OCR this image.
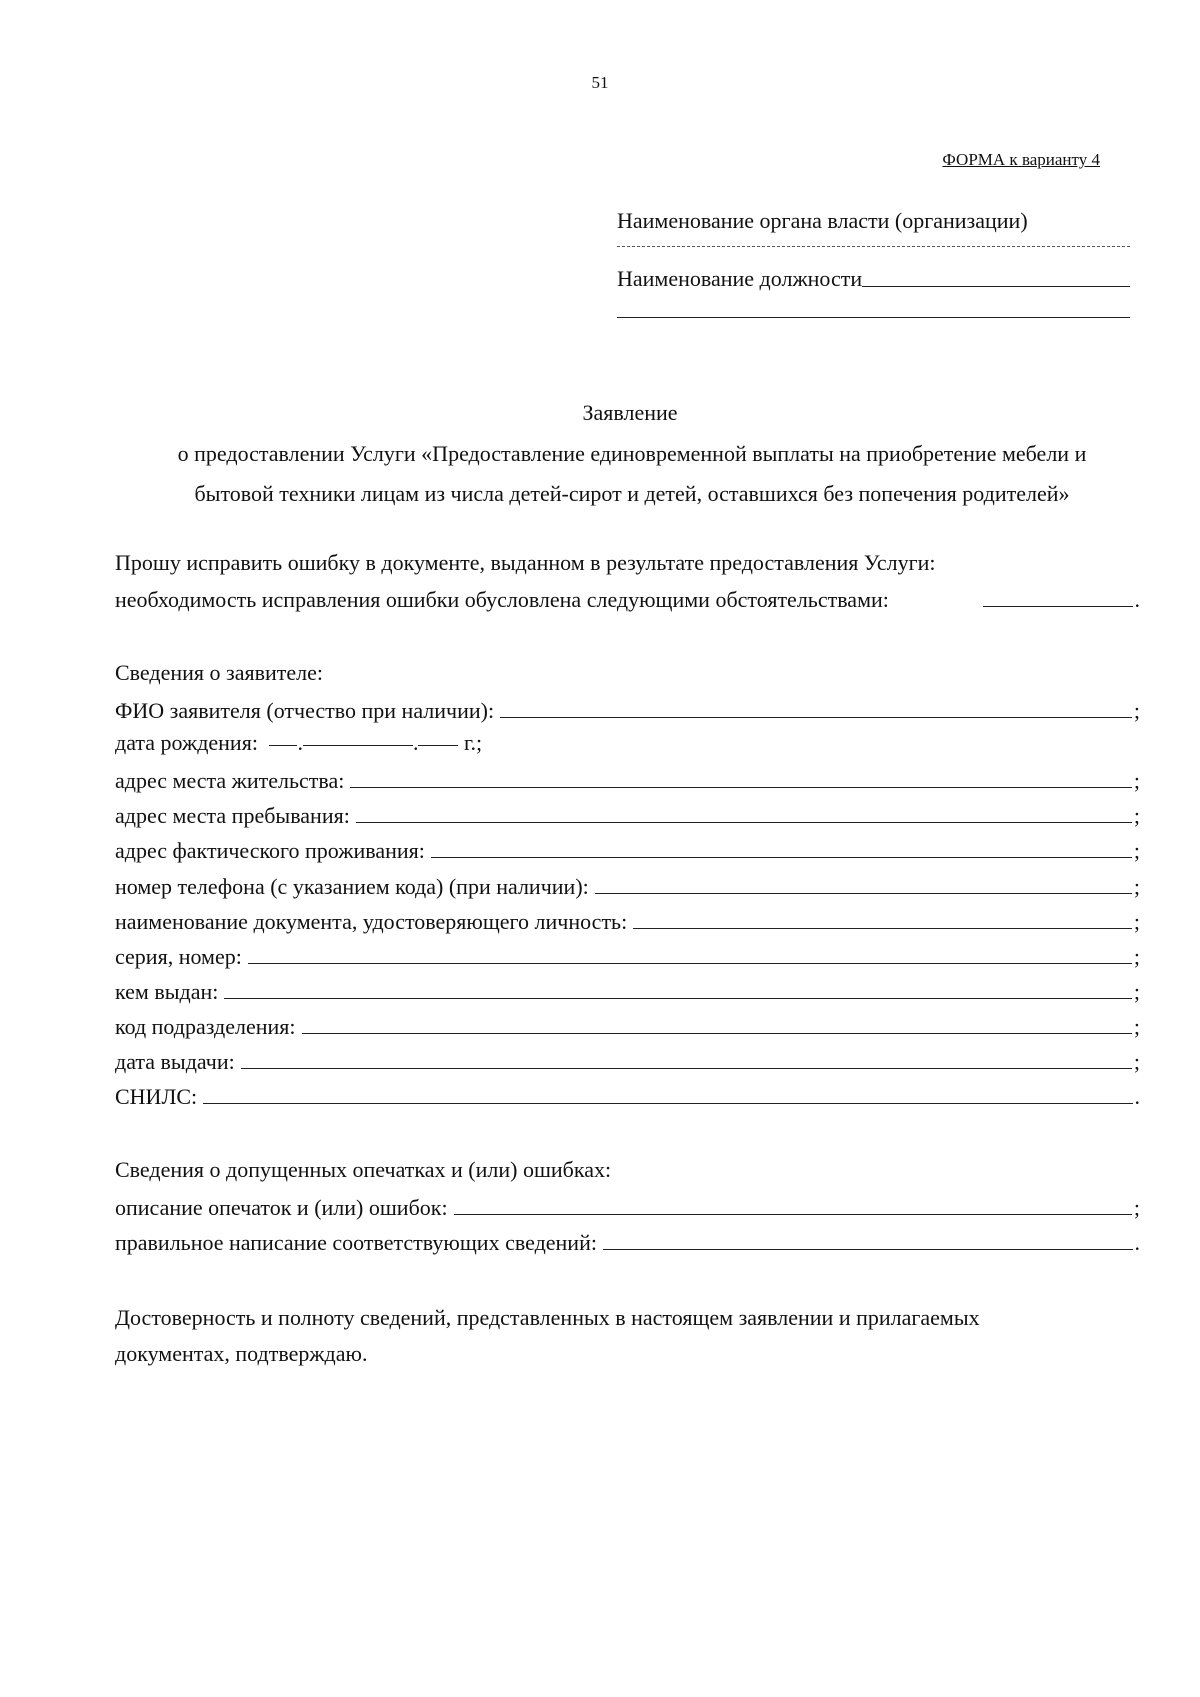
51
ФОРМА к варианту 4
Наименование органа власти (организации)
Наименование должности
Заявление
о предоставлении Услуги «Предоставление единовременной выплаты на приобретение мебели и
бытовой техники лицам из числа детей-сирот и детей, оставшихся без попечения родителей»
Прошу исправить ошибку в документе, выданном в результате предоставления Услуги:
необходимость исправления ошибки обусловлена следующими обстоятельствами:	.
Сведения о заявителе:
ФИО заявителя (отчество при наличии):	;
дата рождения: .	. г.;
адрес места жительства:	;
адрес места пребывания:	;
адрес фактического проживания:	;
номер телефона (с указанием кода) (при наличии):	;
наименование документа, удостоверяющего личность:	;
серия, номер:	;
кем выдан:	;
код подразделения:	;
дата выдачи:	;
СНИЛС:	.
Сведения о допущенных опечатках и (или) ошибках:
описание опечаток и (или) ошибок:	;
правильное написание соответствующих сведений:	.
Достоверность и полноту сведений, представленных в настоящем заявлении и прилагаемых
документах, подтверждаю.
